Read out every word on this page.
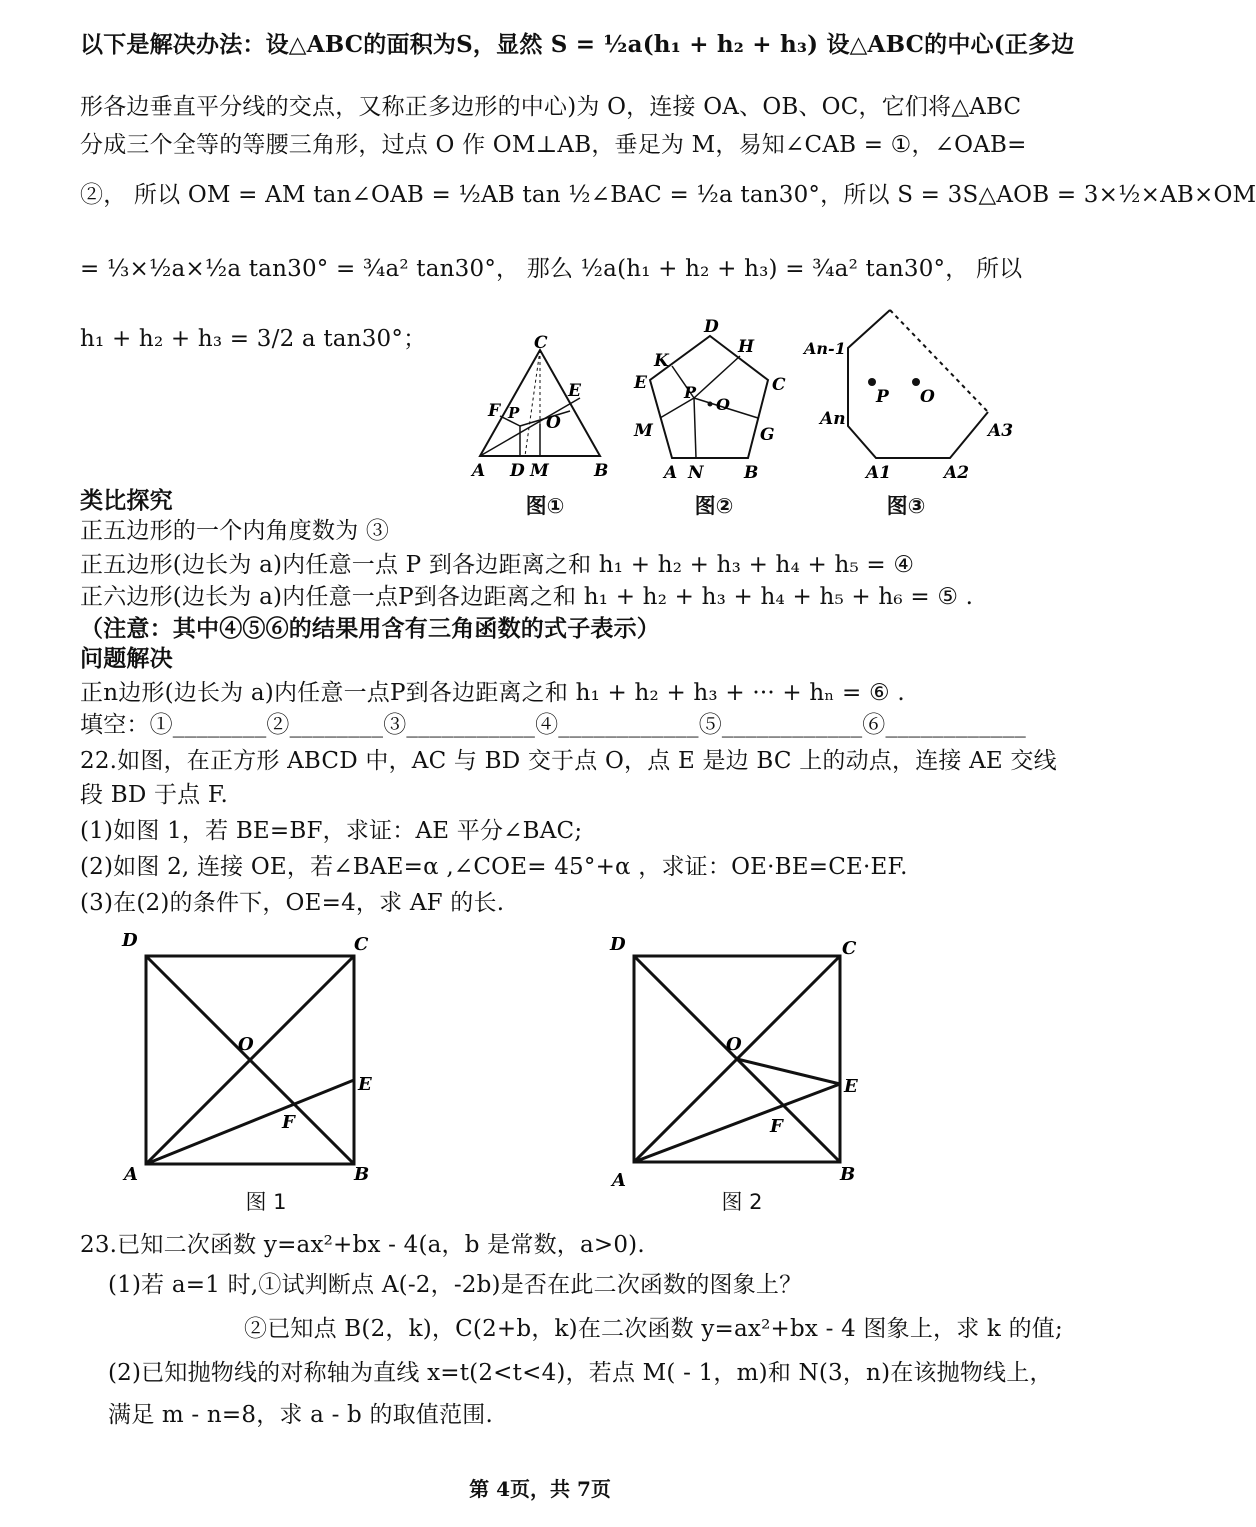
以下是解决办法：设△ABC的面积为S，显然 S = ½a(h₁ + h₂ + h₃) 设△ABC的中心(正多边
形各边垂直平分线的交点，又称正多边形的中心)为 O，连接 OA、OB、OC，它们将△ABC
分成三个全等的等腰三角形，过点 O 作 OM⊥AB，垂足为 M，易知∠CAB = ①，∠OAB=
②， 所以 OM = AM tan∠OAB = ½AB tan ½∠BAC = ½a tan30°，所以 S = 3S△AOB = 3×½×AB×OM
= ⅓×½a×½a tan30° = ¾a² tan30°， 那么 ½a(h₁ + h₂ + h₃) = ¾a² tan30°， 所以
h₁ + h₂ + h₃ = 3/2 a tan30°；	C
E
F P O
A D M	B
图①
D
H
K
E	C
P
O
M	G
A N B
图②
An-1
P O
An
A3
A1	A2
图③
类比探究
正五边形的一个内角度数为 ③
正五边形(边长为 a)内任意一点 P 到各边距离之和 h₁ + h₂ + h₃ + h₄ + h₅ = ④
正六边形(边长为 a)内任意一点P到各边距离之和 h₁ + h₂ + h₃ + h₄ + h₅ + h₆ = ⑤ .
（注意：其中④⑤⑥的结果用含有三角函数的式子表示）
问题解决
正n边形(边长为 a)内任意一点P到各边距离之和 h₁ + h₂ + h₃ + ··· + hₙ = ⑥ .
填空：①________②________③___________④____________⑤____________⑥____________
22.如图，在正方形 ABCD 中，AC 与 BD 交于点 O，点 E 是边 BC 上的动点，连接 AE 交线
段 BD 于点 F.
(1)如图 1，若 BE=BF，求证：AE 平分∠BAC;
(2)如图 2, 连接 OE，若∠BAE=α ,∠COE= 45°+α ，求证：OE·BE=CE·EF.
(3)在(2)的条件下，OE=4，求 AF 的长.
D	C
O
E
F
A	B
图 1
D	C
O
E
F
A	B
图 2
23.已知二次函数 y=ax²+bx - 4(a，b 是常数，a>0).
(1)若 a=1 时,①试判断点 A(-2，-2b)是否在此二次函数的图象上？
②已知点 B(2，k)，C(2+b，k)在二次函数 y=ax²+bx - 4 图象上，求 k 的值;
(2)已知抛物线的对称轴为直线 x=t(2<t<4)，若点 M( - 1，m)和 N(3，n)在该抛物线上，
满足 m - n=8，求 a - b 的取值范围.
第 4页，共 7页
